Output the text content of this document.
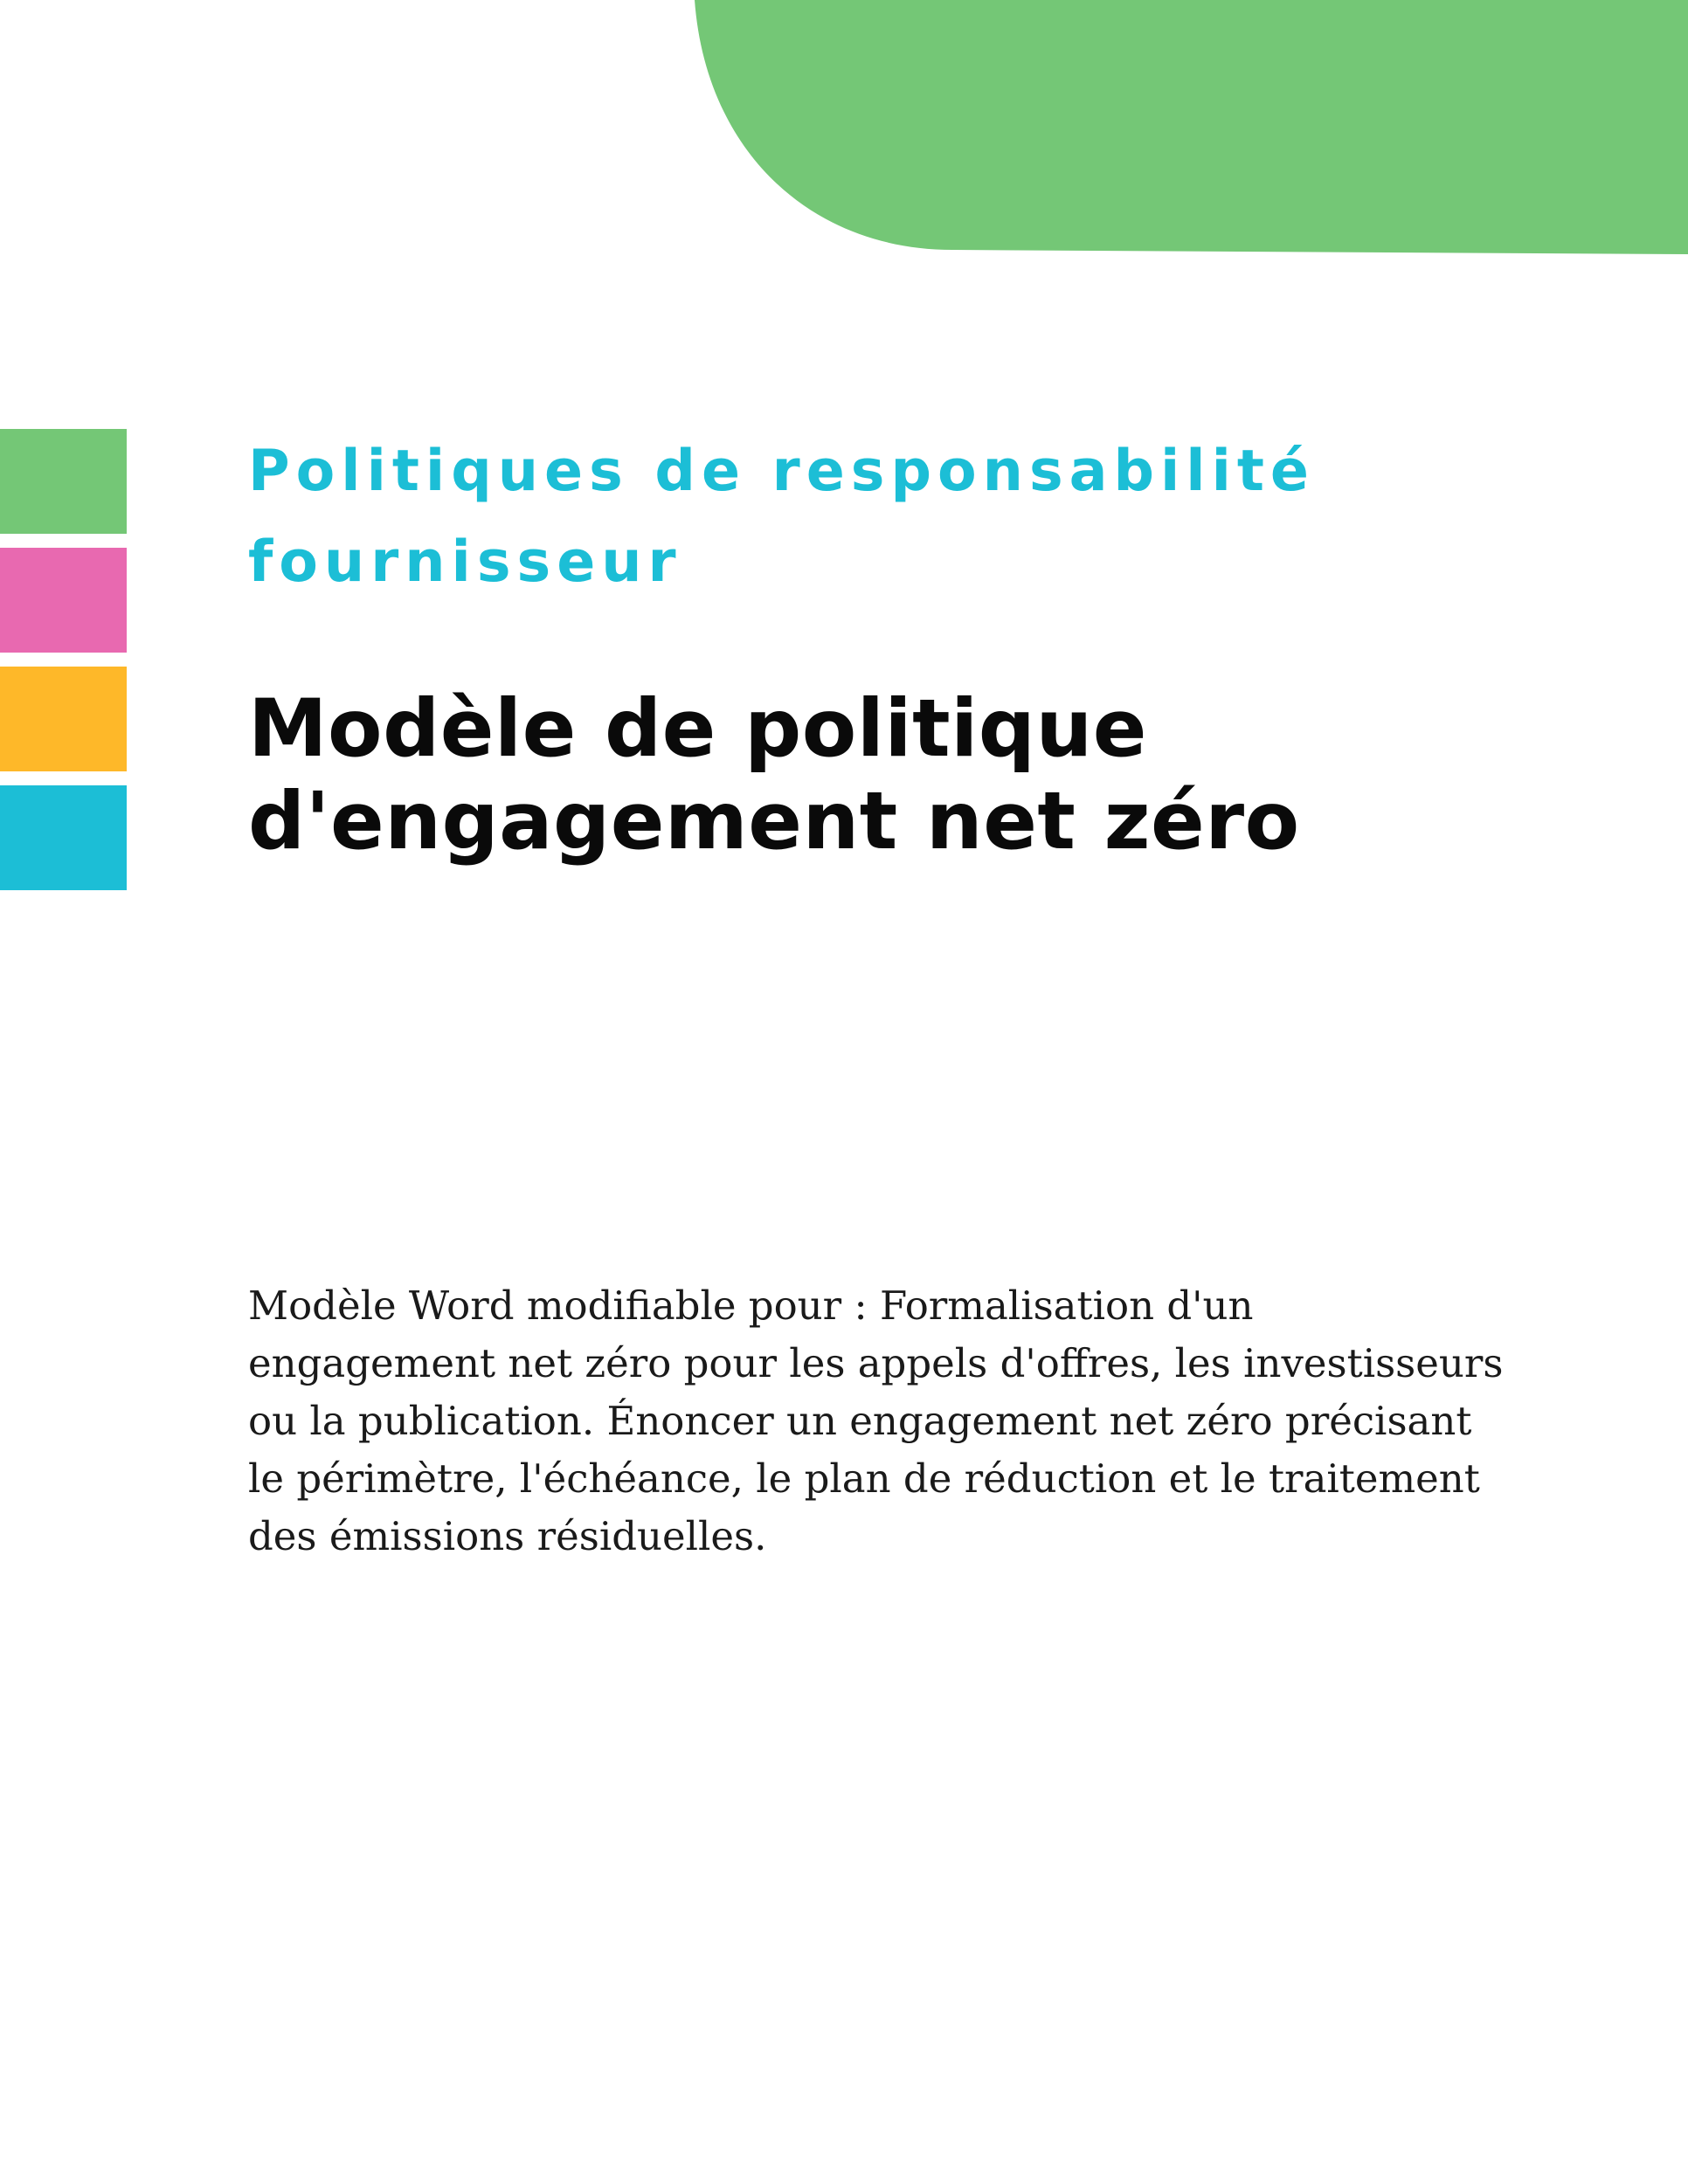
Politiques de responsabilité fournisseur
Modèle de politique d'engagement net zéro

Modèle Word modifiable pour : Formalisation d'un engagement net zéro pour les appels d'offres, les investisseurs ou la publication. Énoncer un engagement net zéro précisant le périmètre, l'échéance, le plan de réduction et le traitement des émissions résiduelles.
